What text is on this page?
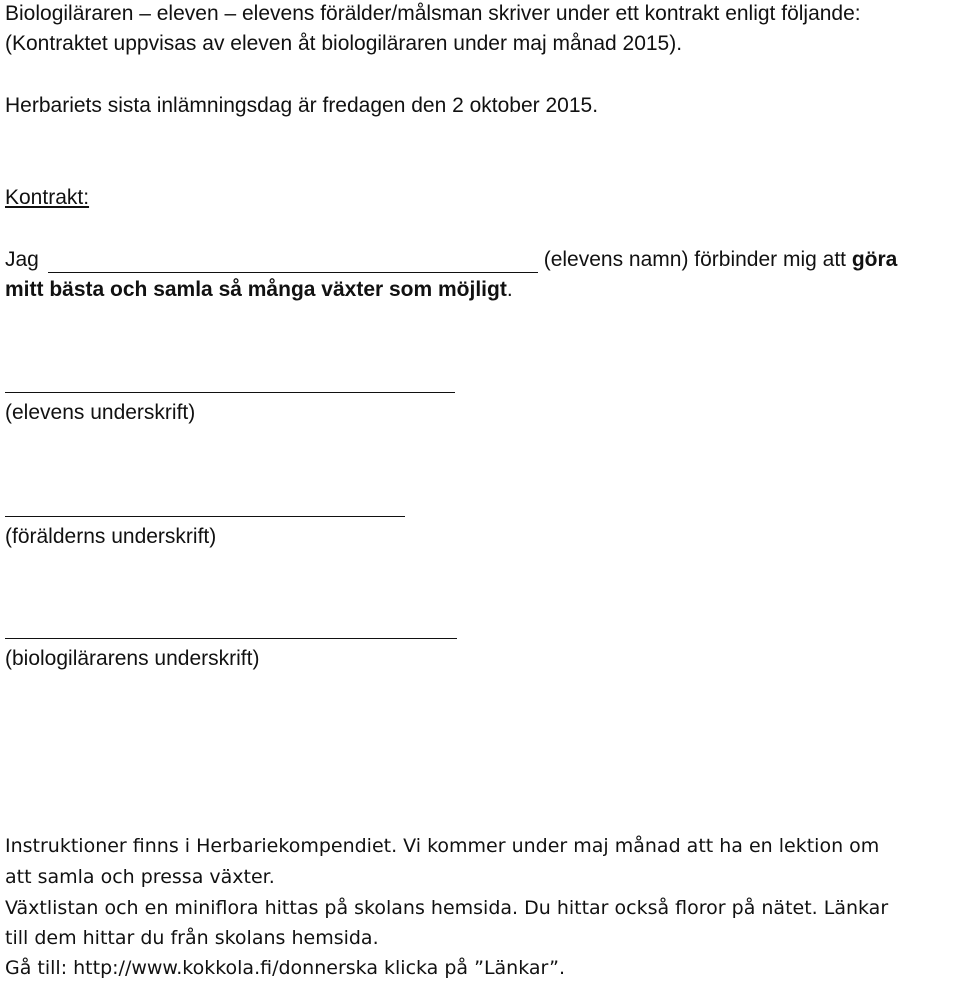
Biologiläraren – eleven – elevens förälder/målsman skriver under ett kontrakt enligt följande:
(Kontraktet uppvisas av eleven åt biologiläraren under maj månad 2015).
Herbariets sista inlämningsdag är fredagen den 2 oktober 2015.
Kontrakt:
Jag	(elevens namn) förbinder mig att göra
mitt bästa och samla så många växter som möjligt.
(elevens underskrift)
(förälderns underskrift)
(biologilärarens underskrift)
Instruktioner finns i Herbariekompendiet. Vi kommer under maj månad att ha en lektion om
att samla och pressa växter.
Växtlistan och en miniflora hittas på skolans hemsida. Du hittar också floror på nätet. Länkar
till dem hittar du från skolans hemsida.
Gå till: http://www.kokkola.fi/donnerska klicka på ”Länkar”.
